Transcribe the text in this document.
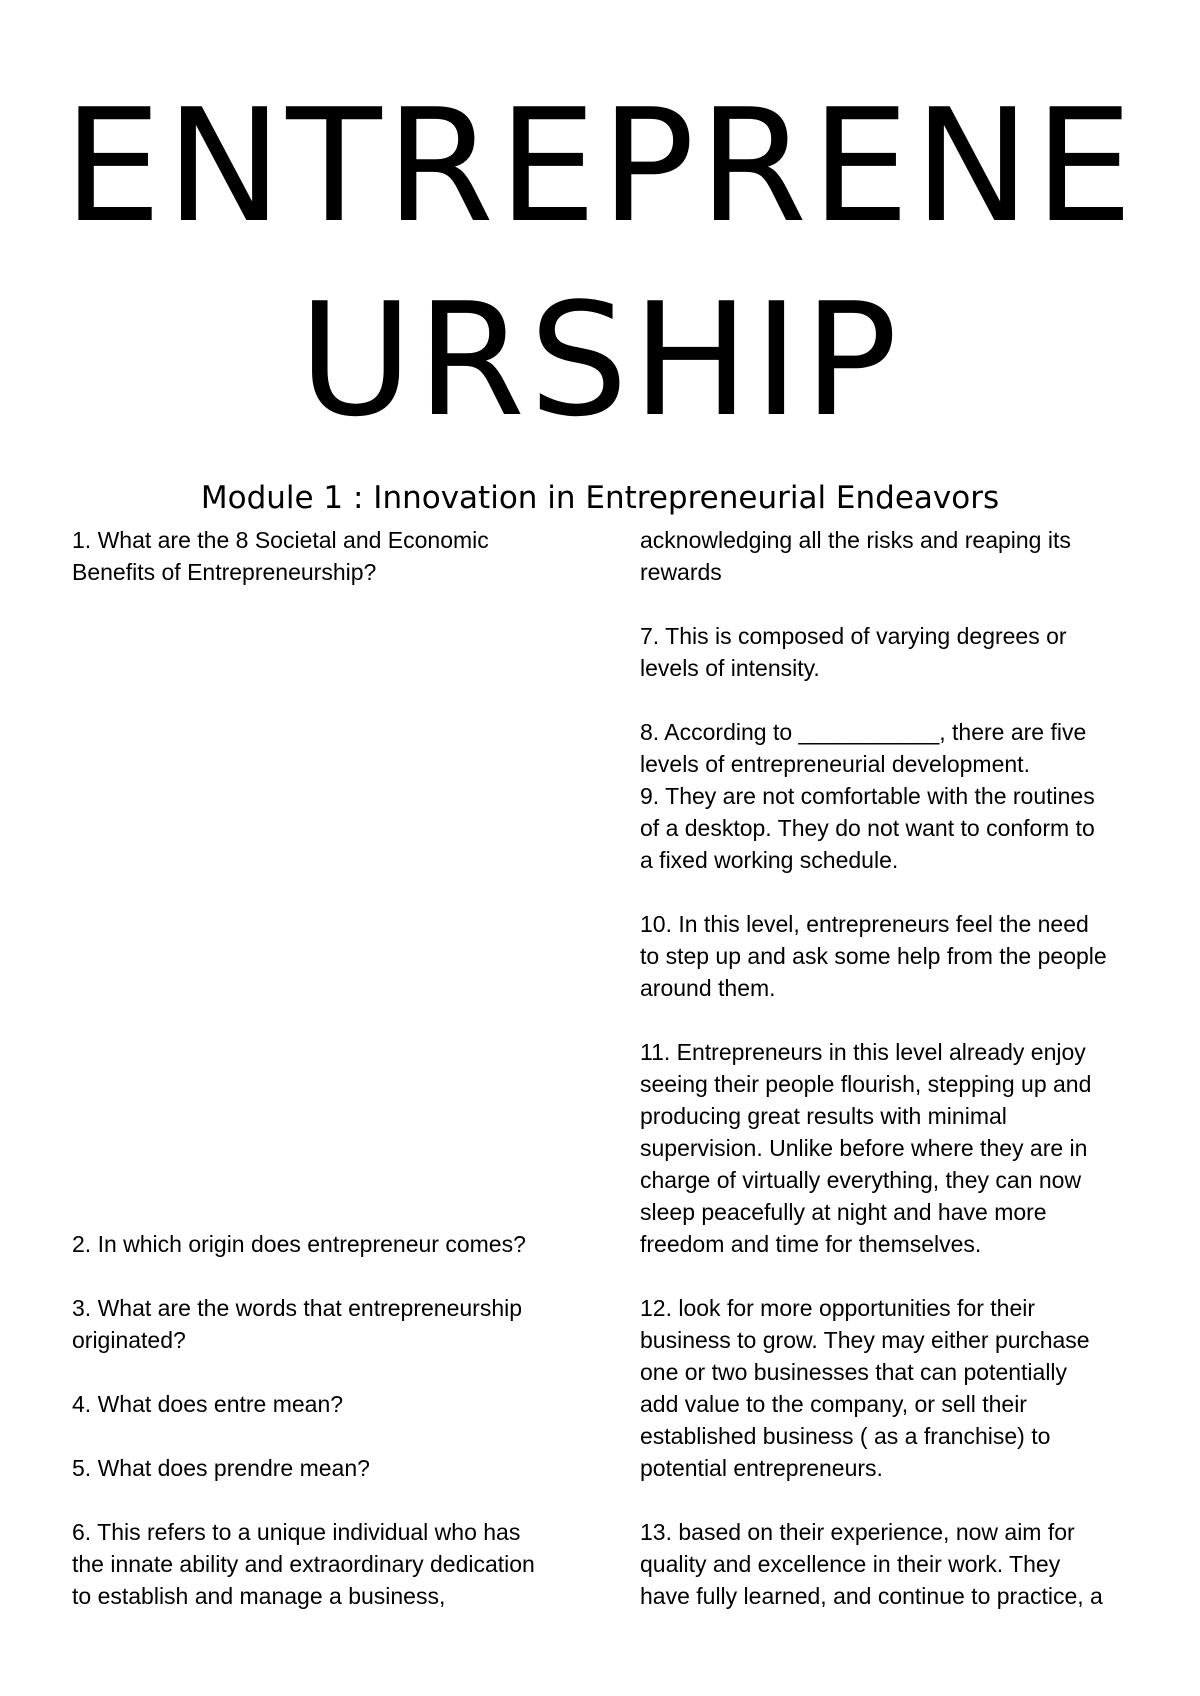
ENTREPRENE
URSHIP
Module 1 : Innovation in Entrepreneurial Endeavors

1. What are the 8 Societal and Economic
Benefits of Entrepreneurship?

2. In which origin does entrepreneur comes?

3. What are the words that entrepreneurship
originated?

4. What does entre mean?

5. What does prendre mean?

6. This refers to a unique individual who has
the innate ability and extraordinary dedication
to establish and manage a business,

acknowledging all the risks and reaping its
rewards

7. This is composed of varying degrees or
levels of intensity.

8. According to ___________, there are five
levels of entrepreneurial development.

9. They are not comfortable with the routines
of a desktop. They do not want to conform to
a fixed working schedule.

10. In this level, entrepreneurs feel the need
to step up and ask some help from the people
around them.

11. Entrepreneurs in this level already enjoy
seeing their people flourish, stepping up and
producing great results with minimal
supervision. Unlike before where they are in
charge of virtually everything, they can now
sleep peacefully at night and have more
freedom and time for themselves.

12. look for more opportunities for their
business to grow. They may either purchase
one or two businesses that can potentially
add value to the company, or sell their
established business ( as a franchise) to
potential entrepreneurs.

13. based on their experience, now aim for
quality and excellence in their work. They
have fully learned, and continue to practice, a
